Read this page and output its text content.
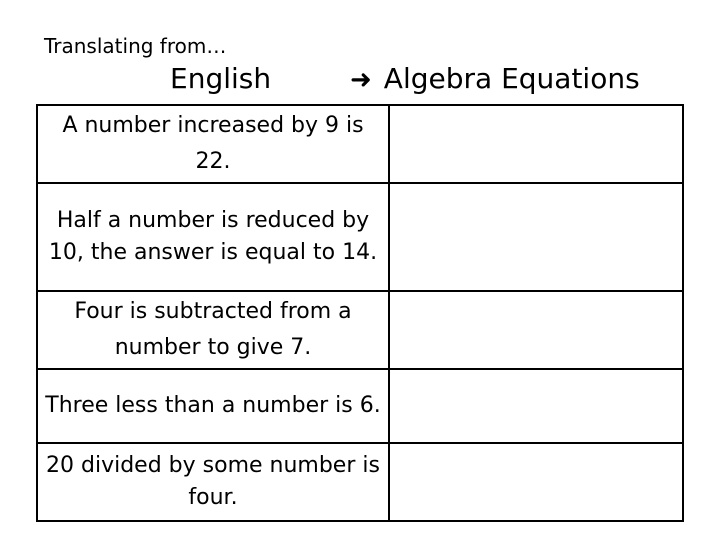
Translating from…
English	➜ Algebra Equations
A number increased by 9 is 22.
Half a number is reduced by 10, the answer is equal to 14.
Four is subtracted from a number to give 7.
Three less than a number is 6.
20 divided by some number is four.
